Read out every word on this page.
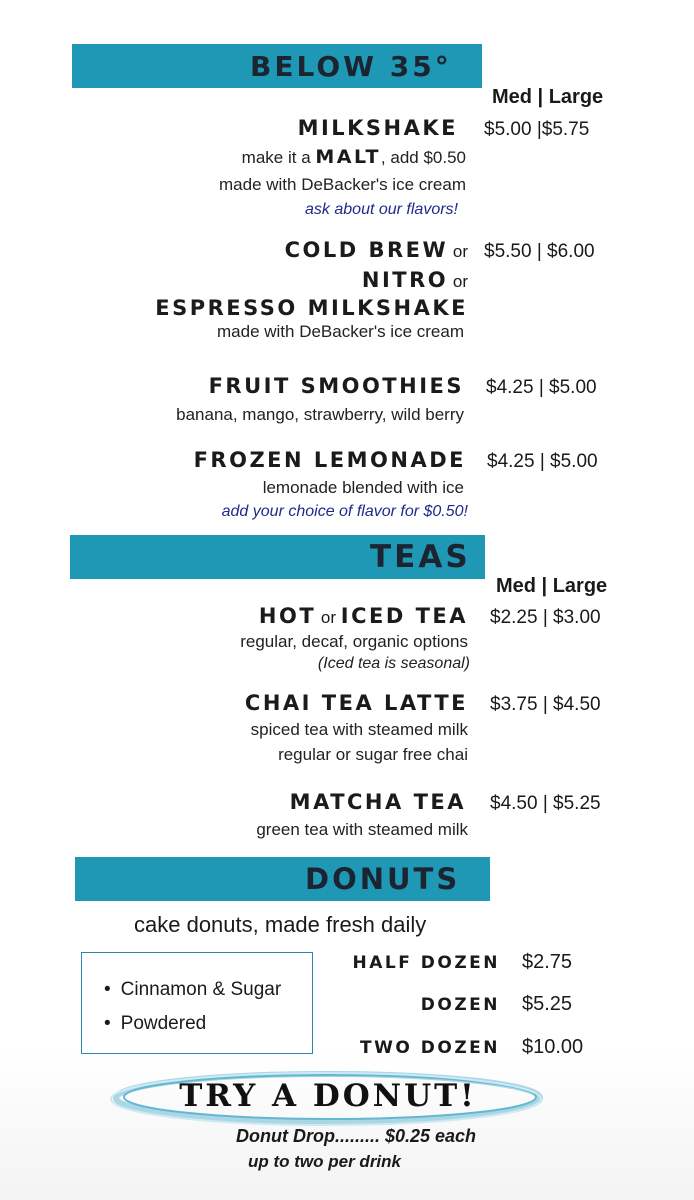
BELOW 35°
Med | Large
MILKSHAKE $5.00 |$5.75
make it a MALT, add $0.50
made with DeBacker's ice cream
ask about our flavors!
COLD BREW or $5.50 | $6.00
NITRO or
ESPRESSO MILKSHAKE
made with DeBacker's ice cream
FRUIT SMOOTHIES $4.25 | $5.00
banana, mango, strawberry, wild berry
FROZEN LEMONADE $4.25 | $5.00
lemonade blended with ice
add your choice of flavor for $0.50!
TEAS
Med | Large
HOT or ICED TEA $2.25 | $3.00
regular, decaf, organic options
(Iced tea is seasonal)
CHAI TEA LATTE $3.75 | $4.50
spiced tea with steamed milk
regular or sugar free chai
MATCHA TEA $4.50 | $5.25
green tea with steamed milk
DONUTS
cake donuts, made fresh daily
• Cinnamon & Sugar
• Powdered
HALF DOZEN $2.75
DOZEN $5.25
TWO DOZEN $10.00
TRY A DONUT!
Donut Drop......... $0.25 each
up to two per drink
